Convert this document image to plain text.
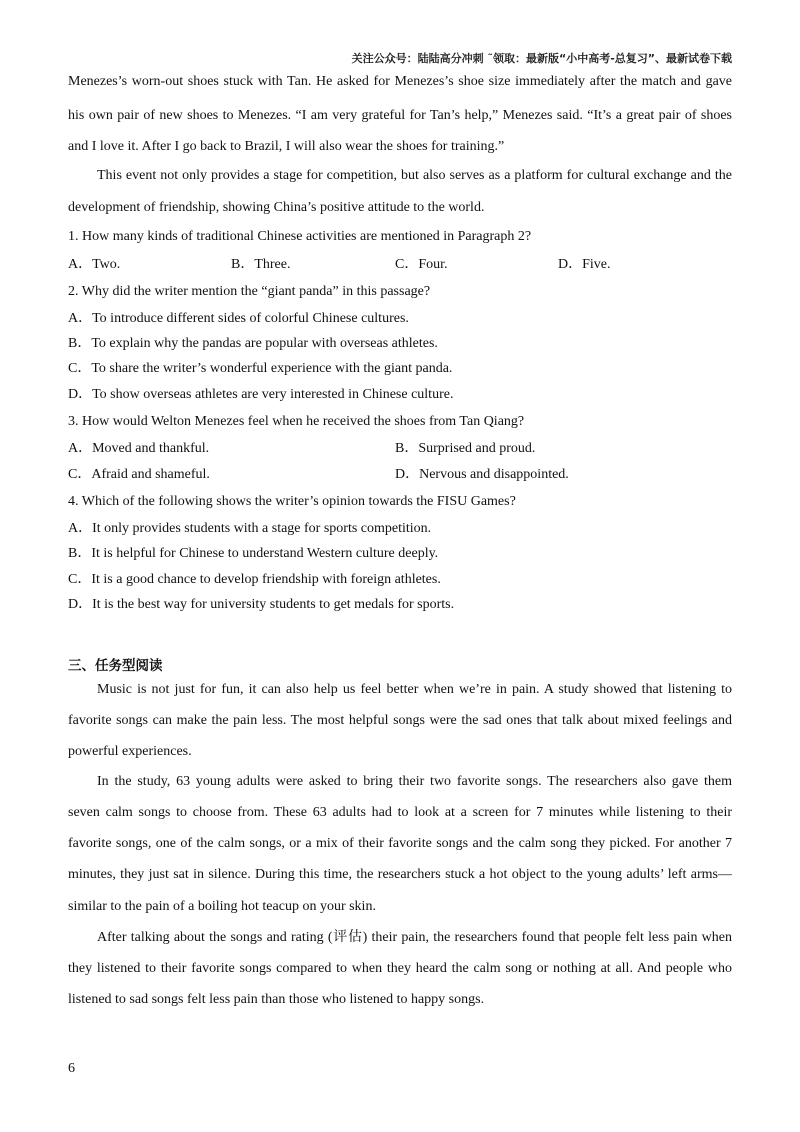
关注公众号：陆陆高分冲刺 ˜领取：最新版“小中高考-总复习”、最新试卷下载
Menezes’s worn-out shoes stuck with Tan. He asked for Menezes’s shoe size immediately after the match and gave
his own pair of new shoes to Menezes. “I am very grateful for Tan’s help,” Menezes said. “It’s a great pair of shoes
and I love it. After I go back to Brazil, I will also wear the shoes for training.”
This event not only provides a stage for competition, but also serves as a platform for cultural exchange and the
development of friendship, showing China’s positive attitude to the world.
1. How many kinds of traditional Chinese activities are mentioned in Paragraph 2?
A．Two.	B．Three.	C．Four.	D．Five.
2. Why did the writer mention the “giant panda” in this passage?
A．To introduce different sides of colorful Chinese cultures.
B．To explain why the pandas are popular with overseas athletes.
C．To share the writer’s wonderful experience with the giant panda.
D．To show overseas athletes are very interested in Chinese culture.
3. How would Welton Menezes feel when he received the shoes from Tan Qiang?
A．Moved and thankful.	B．Surprised and proud.
C．Afraid and shameful.	D．Nervous and disappointed.
4. Which of the following shows the writer’s opinion towards the FISU Games?
A．It only provides students with a stage for sports competition.
B．It is helpful for Chinese to understand Western culture deeply.
C．It is a good chance to develop friendship with foreign athletes.
D．It is the best way for university students to get medals for sports.
三、任务型阅读
Music is not just for fun, it can also help us feel better when we’re in pain. A study showed that listening to
favorite songs can make the pain less. The most helpful songs were the sad ones that talk about mixed feelings and
powerful experiences.
In the study, 63 young adults were asked to bring their two favorite songs. The researchers also gave them
seven calm songs to choose from. These 63 adults had to look at a screen for 7 minutes while listening to their
favorite songs, one of the calm songs, or a mix of their favorite songs and the calm song they picked. For another 7
minutes, they just sat in silence. During this time, the researchers stuck a hot object to the young adults’ left arms—
similar to the pain of a boiling hot teacup on your skin.
After talking about the songs and rating (评估) their pain, the researchers found that people felt less pain when
they listened to their favorite songs compared to when they heard the calm song or nothing at all. And people who
listened to sad songs felt less pain than those who listened to happy songs.
6
